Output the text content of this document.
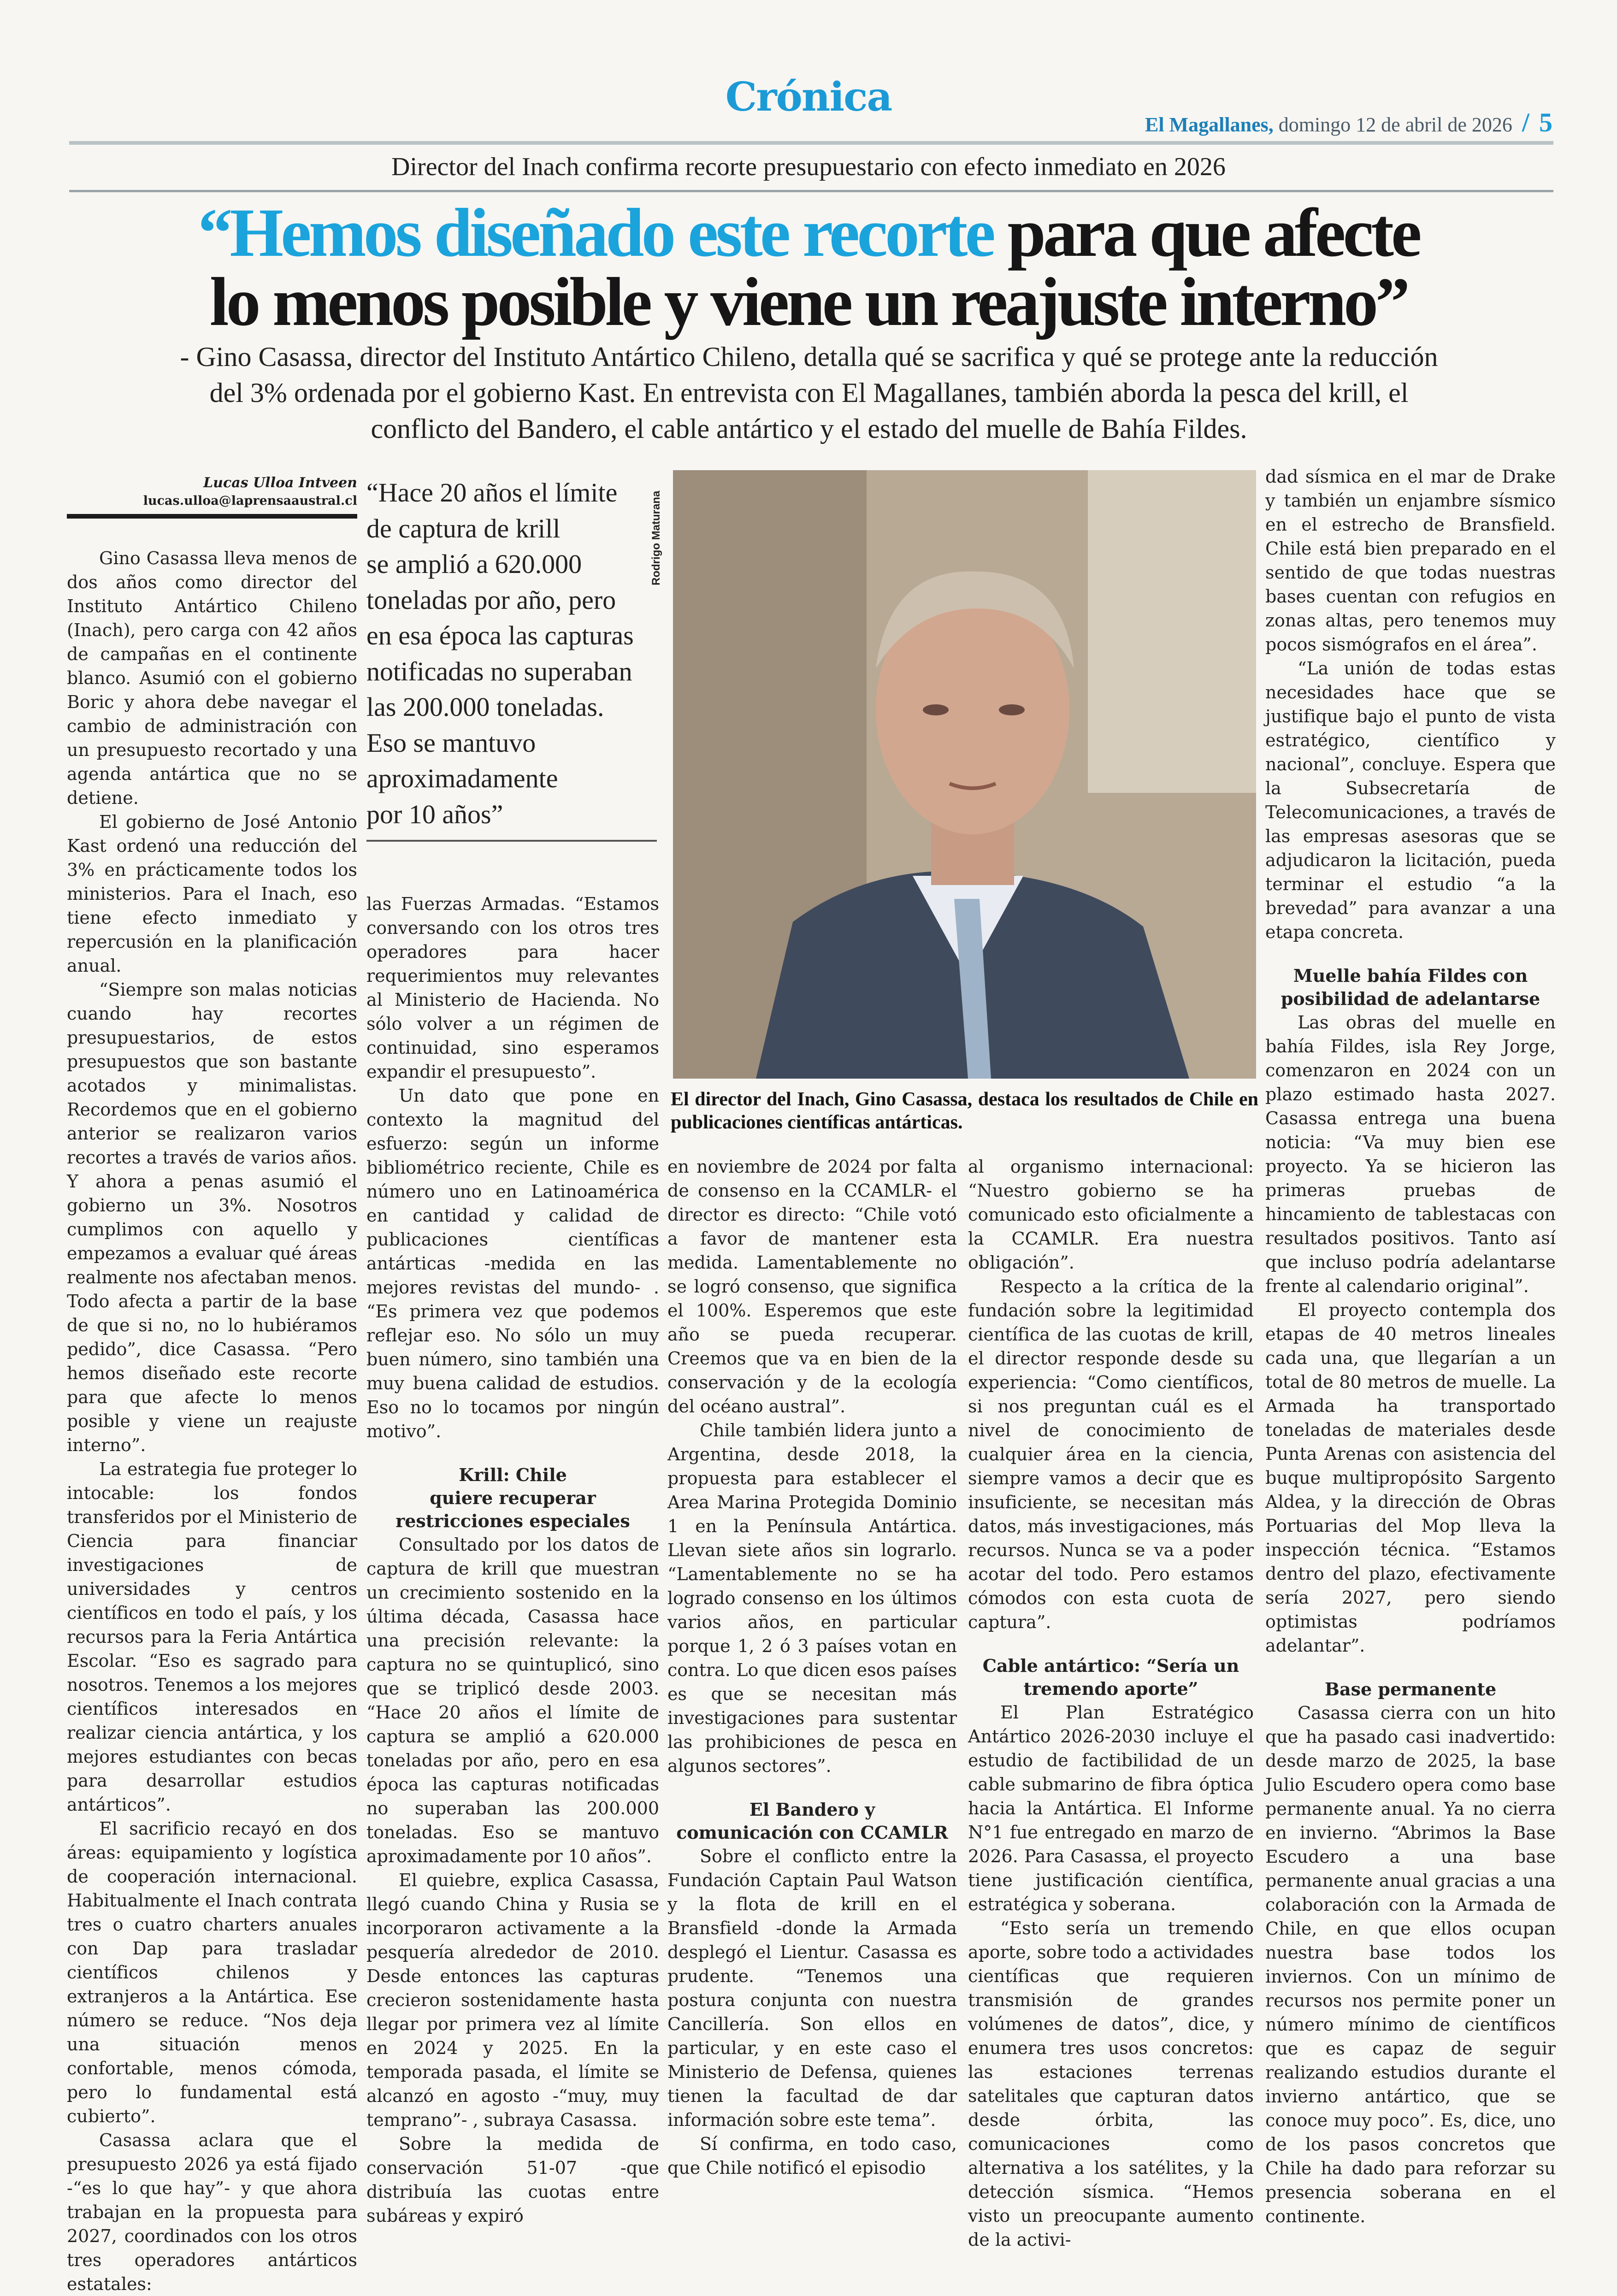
Crónica
El Magallanes, domingo 12 de abril de 2026 / 5
Director del Inach confirma recorte presupuestario con efecto inmediato en 2026
“Hemos diseñado este recorte para que afecte
lo menos posible y viene un reajuste interno”
- Gino Casassa, director del Instituto Antártico Chileno, detalla qué se sacrifica y qué se protege ante la reducción del 3% ordenada por el gobierno Kast. En entrevista con El Magallanes, también aborda la pesca del krill, el conflicto del Bandero, el cable antártico y el estado del muelle de Bahía Fildes.
Lucas Ulloa Intveen
lucas.ulloa@laprensaaustral.cl “Hace 20 años el límite
de captura de krill
se amplió a 620.000
toneladas por año, pero
en esa época las capturas
notificadas no superaban
las 200.000 toneladas.
Eso se mantuvo
aproximadamente
por 10 años”
Rodrigo Maturana
El director del Inach, Gino Casassa, destaca los resultados de Chile en publicaciones científicas antárticas.

Gino Casassa lleva menos de dos años como director del Instituto Antártico Chileno (Inach), pero carga con 42 años de campañas en el continente blanco. Asumió con el gobierno Boric y ahora debe navegar el cambio de administración con un presupuesto recortado y una agenda antártica que no se detiene.

El gobierno de José Antonio Kast ordenó una reducción del 3% en prácticamente todos los ministerios. Para el Inach, eso tiene efecto inmediato y repercusión en la planificación anual.

“Siempre son malas noticias cuando hay recortes presupuestarios, de estos presupuestos que son bastante acotados y minimalistas. Recordemos que en el gobierno anterior se realizaron varios recortes a través de varios años. Y ahora a penas asumió el gobierno un 3%. Nosotros cumplimos con aquello y empezamos a evaluar qué áreas realmente nos afectaban menos. Todo afecta a partir de la base de que si no, no lo hubiéramos pedido”, dice Casassa. “Pero hemos diseñado este recorte para que afecte lo menos posible y viene un reajuste interno”.

La estrategia fue proteger lo intocable: los fondos transferidos por el Ministerio de Ciencia para financiar investigaciones de universidades y centros científicos en todo el país, y los recursos para la Feria Antártica Escolar. “Eso es sagrado para nosotros. Tenemos a los mejores científicos interesados en realizar ciencia antártica, y los mejores estudiantes con becas para desarrollar estudios antárticos”.

El sacrificio recayó en dos áreas: equipamiento y logística de cooperación internacional. Habitualmente el Inach contrata tres o cuatro charters anuales con Dap para trasladar científicos chilenos y extranjeros a la Antártica. Ese número se reduce. “Nos deja una situación menos confortable, menos cómoda, pero lo fundamental está cubierto”.

Casassa aclara que el presupuesto 2026 ya está fijado -“es lo que hay”- y que ahora trabajan en la propuesta para 2027, coordinados con los otros tres operadores antárticos estatales:

las Fuerzas Armadas. “Estamos conversando con los otros tres operadores para hacer requerimientos muy relevantes al Ministerio de Hacienda. No sólo volver a un régimen de continuidad, sino esperamos expandir el presupuesto”.

Un dato que pone en contexto la magnitud del esfuerzo: según un informe bibliométrico reciente, Chile es número uno en Latinoamérica en cantidad y calidad de publicaciones científicas antárticas -medida en las mejores revistas del mundo- . “Es primera vez que podemos reflejar eso. No sólo un muy buen número, sino también una muy buena calidad de estudios. Eso no lo tocamos por ningún motivo”.

Krill: Chile
quiere recuperar
restricciones especiales

Consultado por los datos de captura de krill que muestran un crecimiento sostenido en la última década, Casassa hace una precisión relevante: la captura no se quintuplicó, sino que se triplicó desde 2003. “Hace 20 años el límite de captura se amplió a 620.000 toneladas por año, pero en esa época las capturas notificadas no superaban las 200.000 toneladas. Eso se mantuvo aproximadamente por 10 años”.

El quiebre, explica Casassa, llegó cuando China y Rusia se incorporaron activamente a la pesquería alrededor de 2010. Desde entonces las capturas crecieron sostenidamente hasta llegar por primera vez al límite en 2024 y 2025. En la temporada pasada, el límite se alcanzó en agosto -“muy, muy temprano”- , subraya Casassa.

Sobre la medida de conservación 51-07 -que distribuía las cuotas entre subáreas y expiró

en noviembre de 2024 por falta de consenso en la CCAMLR- el director es directo: “Chile votó a favor de mantener esta medida. Lamentablemente no se logró consenso, que significa el 100%. Esperemos que este año se pueda recuperar. Creemos que va en bien de la conservación y de la ecología del océano austral”.

Chile también lidera junto a Argentina, desde 2018, la propuesta para establecer el Area Marina Protegida Dominio 1 en la Península Antártica. Llevan siete años sin lograrlo. “Lamentablemente no se ha logrado consenso en los últimos varios años, en particular porque 1, 2 ó 3 países votan en contra. Lo que dicen esos países es que se necesitan más investigaciones para sustentar las prohibiciones de pesca en algunos sectores”.

El Bandero y
comunicación con CCAMLR

Sobre el conflicto entre la Fundación Captain Paul Watson y la flota de krill en el Bransfield -donde la Armada desplegó el Lientur. Casassa es prudente. “Tenemos una postura conjunta con nuestra Cancillería. Son ellos en particular, y en este caso el Ministerio de Defensa, quienes tienen la facultad de dar información sobre este tema”.

Sí confirma, en todo caso, que Chile notificó el episodio

al organismo internacional: “Nuestro gobierno se ha comunicado esto oficialmente a la CCAMLR. Era nuestra obligación”.

Respecto a la crítica de la fundación sobre la legitimidad científica de las cuotas de krill, el director responde desde su experiencia: “Como científicos, si nos preguntan cuál es el nivel de conocimiento de cualquier área en la ciencia, siempre vamos a decir que es insuficiente, se necesitan más datos, más investigaciones, más recursos. Nunca se va a poder acotar del todo. Pero estamos cómodos con esta cuota de captura”.

Cable antártico: “Sería un
tremendo aporte”

El Plan Estratégico Antártico 2026-2030 incluye el estudio de factibilidad de un cable submarino de fibra óptica hacia la Antártica. El Informe N°1 fue entregado en marzo de 2026. Para Casassa, el proyecto tiene justificación científica, estratégica y soberana.

“Esto sería un tremendo aporte, sobre todo a actividades científicas que requieren transmisión de grandes volúmenes de datos”, dice, y enumera tres usos concretos: las estaciones terrenas satelitales que capturan datos desde órbita, las comunicaciones como alternativa a los satélites, y la detección sísmica. “Hemos visto un preocupante aumento de la activi-

dad sísmica en el mar de Drake y también un enjambre sísmico en el estrecho de Bransfield. Chile está bien preparado en el sentido de que todas nuestras bases cuentan con refugios en zonas altas, pero tenemos muy pocos sismógrafos en el área”.

“La unión de todas estas necesidades hace que se justifique bajo el punto de vista estratégico, científico y nacional”, concluye. Espera que la Subsecretaría de Telecomunicaciones, a través de las empresas asesoras que se adjudicaron la licitación, pueda terminar el estudio “a la brevedad” para avanzar a una etapa concreta.

Muelle bahía Fildes con
posibilidad de adelantarse

Las obras del muelle en bahía Fildes, isla Rey Jorge, comenzaron en 2024 con un plazo estimado hasta 2027. Casassa entrega una buena noticia: “Va muy bien ese proyecto. Ya se hicieron las primeras pruebas de hincamiento de tablestacas con resultados positivos. Tanto así que incluso podría adelantarse frente al calendario original”.

El proyecto contempla dos etapas de 40 metros lineales cada una, que llegarían a un total de 80 metros de muelle. La Armada ha transportado toneladas de materiales desde Punta Arenas con asistencia del buque multipropósito Sargento Aldea, y la dirección de Obras Portuarias del Mop lleva la inspección técnica. “Estamos dentro del plazo, efectivamente sería 2027, pero siendo optimistas podríamos adelantar”.

Base permanente

Casassa cierra con un hito que ha pasado casi inadvertido: desde marzo de 2025, la base Julio Escudero opera como base permanente anual. Ya no cierra en invierno. “Abrimos la Base Escudero a una base permanente anual gracias a una colaboración con la Armada de Chile, en que ellos ocupan nuestra base todos los inviernos. Con un mínimo de recursos nos permite poner un número mínimo de científicos que es capaz de seguir realizando estudios durante el invierno antártico, que se conoce muy poco”. Es, dice, uno de los pasos concretos que Chile ha dado para reforzar su presencia soberana en el continente.
